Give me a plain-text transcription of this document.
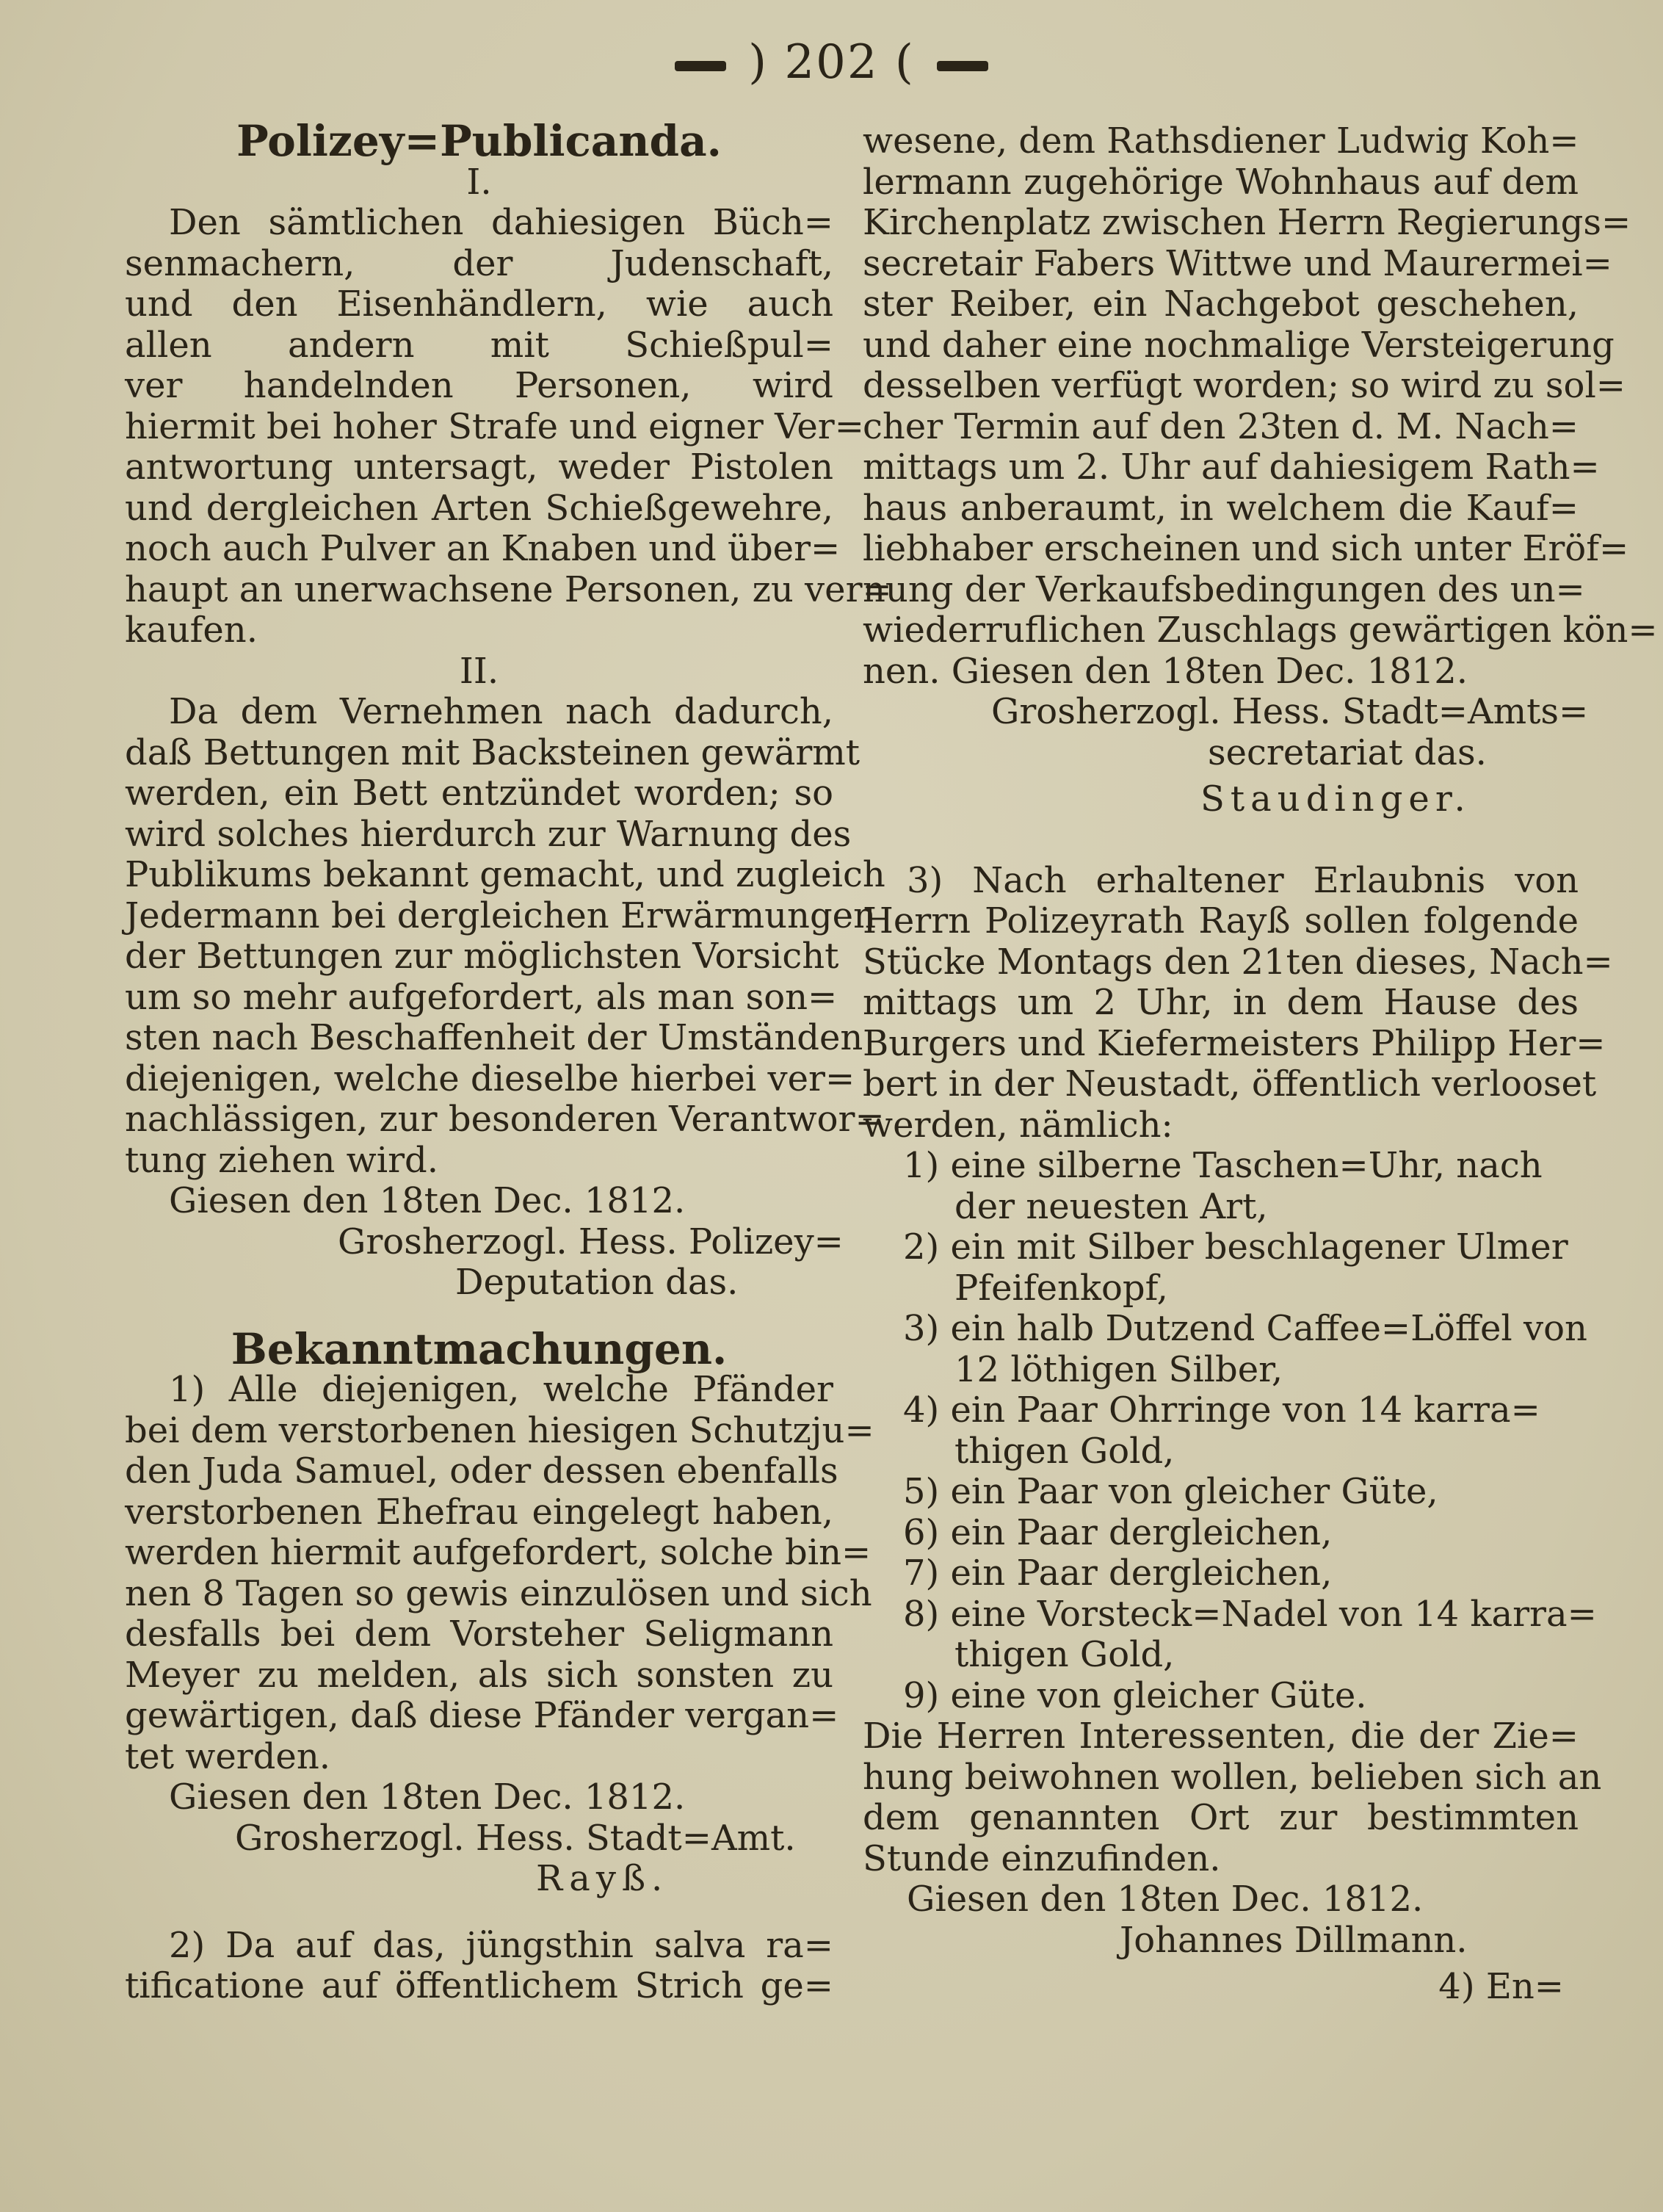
) 202 (
Polizey=Publicanda.
I.
Den sämtlichen dahiesigen Büch=
senmachern, der Judenschaft,
und den Eisenhändlern, wie auch
allen andern mit Schießpul=
ver handelnden Personen, wird
hiermit bei hoher Strafe und eigner Ver=
antwortung untersagt, weder Pistolen
und dergleichen Arten Schießgewehre,
noch auch Pulver an Knaben und über=
haupt an unerwachsene Personen, zu ver=
kaufen.
II.
Da dem Vernehmen nach dadurch,
daß Bettungen mit Backsteinen gewärmt
werden, ein Bett entzündet worden; so
wird solches hierdurch zur Warnung des
Publikums bekannt gemacht, und zugleich
Jedermann bei dergleichen Erwärmungen
der Bettungen zur möglichsten Vorsicht
um so mehr aufgefordert, als man son=
sten nach Beschaffenheit der Umständen
diejenigen, welche dieselbe hierbei ver=
nachlässigen, zur besonderen Verantwor=
tung ziehen wird.
Giesen den 18ten Dec. 1812.
Grosherzogl. Hess. Polizey=
Deputation das.
Bekanntmachungen.
1) Alle diejenigen, welche Pfänder
bei dem verstorbenen hiesigen Schutzju=
den Juda Samuel, oder dessen ebenfalls
verstorbenen Ehefrau eingelegt haben,
werden hiermit aufgefordert, solche bin=
nen 8 Tagen so gewis einzulösen und sich
desfalls bei dem Vorsteher Seligmann
Meyer zu melden, als sich sonsten zu
gewärtigen, daß diese Pfänder vergan=
tet werden.
Giesen den 18ten Dec. 1812.
Grosherzogl. Hess. Stadt=Amt.
Rayß.
2) Da auf das, jüngsthin salva ra=
tificatione auf öffentlichem Strich ge=
wesene, dem Rathsdiener Ludwig Koh=
lermann zugehörige Wohnhaus auf dem
Kirchenplatz zwischen Herrn Regierungs=
secretair Fabers Wittwe und Maurermei=
ster Reiber, ein Nachgebot geschehen,
und daher eine nochmalige Versteigerung
desselben verfügt worden; so wird zu sol=
cher Termin auf den 23ten d. M. Nach=
mittags um 2. Uhr auf dahiesigem Rath=
haus anberaumt, in welchem die Kauf=
liebhaber erscheinen und sich unter Eröf=
nung der Verkaufsbedingungen des un=
wiederruflichen Zuschlags gewärtigen kön=
nen. Giesen den 18ten Dec. 1812.
Grosherzogl. Hess. Stadt=Amts=
secretariat das.
Staudinger.
3) Nach erhaltener Erlaubnis von
Herrn Polizeyrath Rayß sollen folgende
Stücke Montags den 21ten dieses, Nach=
mittags um 2 Uhr, in dem Hause des
Burgers und Kiefermeisters Philipp Her=
bert in der Neustadt, öffentlich verlooset
werden, nämlich:
1) eine silberne Taschen=Uhr, nach
der neuesten Art,
2) ein mit Silber beschlagener Ulmer
Pfeifenkopf,
3) ein halb Dutzend Caffee=Löffel von
12 löthigen Silber,
4) ein Paar Ohrringe von 14 karra=
thigen Gold,
5) ein Paar von gleicher Güte,
6) ein Paar dergleichen,
7) ein Paar dergleichen,
8) eine Vorsteck=Nadel von 14 karra=
thigen Gold,
9) eine von gleicher Güte.
Die Herren Interessenten, die der Zie=
hung beiwohnen wollen, belieben sich an
dem genannten Ort zur bestimmten
Stunde einzufinden.
Giesen den 18ten Dec. 1812.
Johannes Dillmann.
4) En=
